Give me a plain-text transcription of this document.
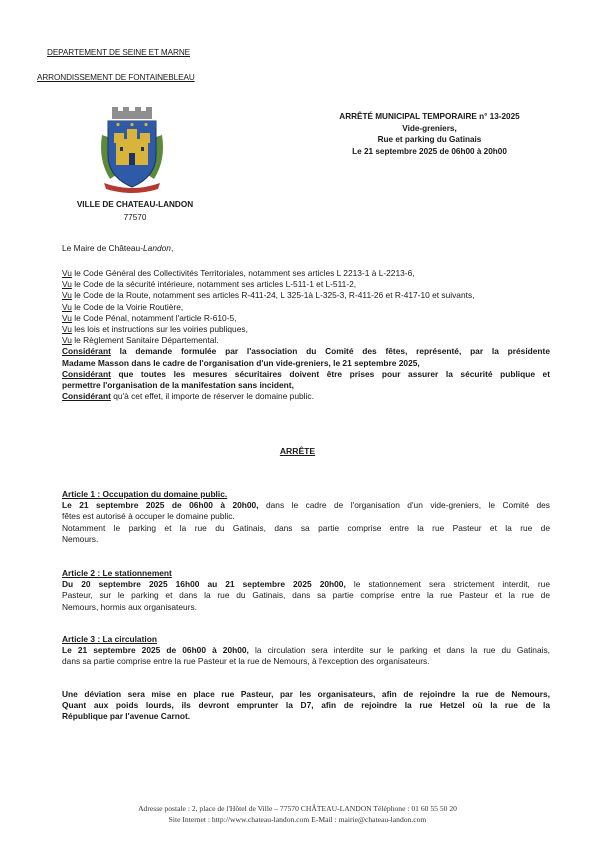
DEPARTEMENT DE SEINE ET MARNE
ARRONDISSEMENT DE FONTAINEBLEAU
VILLE DE CHATEAU-LANDON
77570
ARRÊTÉ MUNICIPAL TEMPORAIRE n° 13-2025
Vide-greniers,
Rue et parking du Gatinais
Le 21 septembre 2025 de 06h00 à 20h00
Le Maire de Château-Landon,
Vu le Code Général des Collectivités Territoriales, notamment ses articles L 2213-1 à L-2213-6,
Vu le Code de la sécurité intérieure, notamment ses articles L-511-1 et L-511-2,
Vu le Code de la Route, notamment ses articles R-411-24, L 325-1à L-325-3, R-411-26 et R-417-10 et suivants,
Vu le Code de la Voirie Routière,
Vu le Code Pénal, notamment l'article R-610-5,
Vu les lois et instructions sur les voiries publiques,
Vu le Règlement Sanitaire Départemental.
Considérant la demande formulée par l'association du Comité des fêtes, représenté, par la présidente
Madame Masson dans le cadre de l'organisation d'un vide-greniers, le 21 septembre 2025,
Considérant que toutes les mesures sécuritaires doivent être prises pour assurer la sécurité publique et
permettre l'organisation de la manifestation sans incident,
Considérant qu'à cet effet, il importe de réserver le domaine public.
ARRÊTE
Article 1 : Occupation du domaine public.
Le 21 septembre 2025 de 06h00 à 20h00, dans le cadre de l'organisation d'un vide-greniers, le Comité des
fêtes est autorisé à occuper le domaine public.
Notamment le parking et la rue du Gatinais, dans sa partie comprise entre la rue Pasteur et la rue de
Nemours.
Article 2 : Le stationnement
Du 20 septembre 2025 16h00 au 21 septembre 2025 20h00, le stationnement sera strictement interdit, rue
Pasteur, sur le parking et dans la rue du Gatinais, dans sa partie comprise entre la rue Pasteur et la rue de
Nemours, hormis aux organisateurs.
Article 3 : La circulation
Le 21 septembre 2025 de 06h00 à 20h00, la circulation sera interdite sur le parking et dans la rue du Gatinais,
dans sa partie comprise entre la rue Pasteur et la rue de Nemours, à l'exception des organisateurs.
Une déviation sera mise en place rue Pasteur, par les organisateurs, afin de rejoindre la rue de Nemours,
Quant aux poids lourds, ils devront emprunter la D7, afin de rejoindre la rue Hetzel où la rue de la
République par l'avenue Carnot.
Adresse postale : 2, place de l'Hôtel de Ville – 77570 CHÂTEAU-LANDON Téléphone : 01 60 55 50 20
Site Internet : http://www.chateau-landon.com E-Mail : mairie@chateau-landon.com
